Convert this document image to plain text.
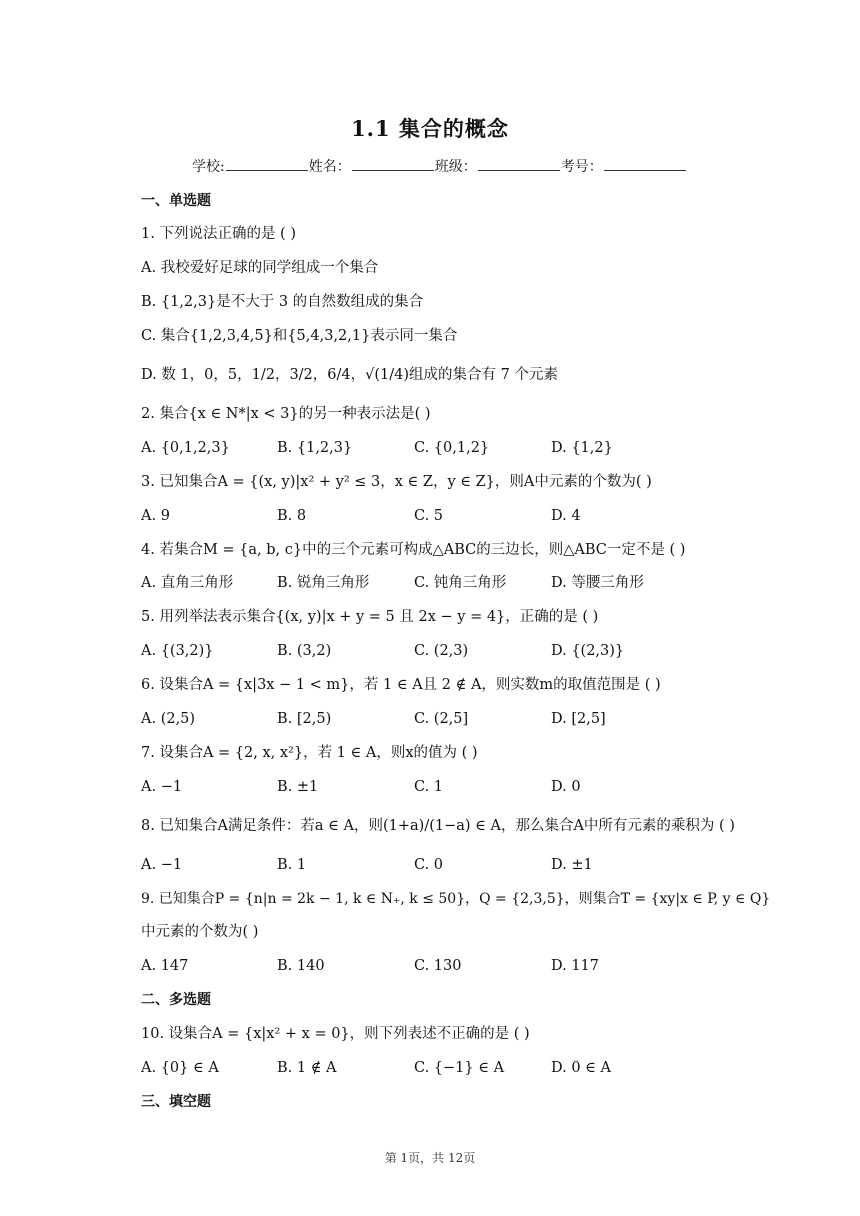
1.1 集合的概念
学校:	姓名：	班级：	考号：
一、单选题
1. 下列说法正确的是 ( )
A. 我校爱好足球的同学组成一个集合
B. {1,2,3}是不大于 3 的自然数组成的集合
C. 集合{1,2,3,4,5}和{5,4,3,2,1}表示同一集合
D. 数 1，0，5，1/2，3/2，6/4，√(1/4)组成的集合有 7 个元素
2. 集合{x ∈ N*|x < 3}的另一种表示法是( )
A. {0,1,2,3}	B. {1,2,3}	C. {0,1,2}	D. {1,2}
3. 已知集合A = {(x, y)|x² + y² ≤ 3，x ∈ Z，y ∈ Z}，则A中元素的个数为( )
A. 9	B. 8	C. 5	D. 4
4. 若集合M = {a, b, c}中的三个元素可构成△ABC的三边长，则△ABC一定不是 ( )
A. 直角三角形	B. 锐角三角形	C. 钝角三角形	D. 等腰三角形
5. 用列举法表示集合{(x, y)|x + y = 5 且 2x − y = 4}，正确的是 ( )
A. {(3,2)}	B. (3,2)	C. (2,3)	D. {(2,3)}
6. 设集合A = {x|3x − 1 < m}，若 1 ∈ A且 2 ∉ A，则实数m的取值范围是 ( )
A. (2,5)	B. [2,5)	C. (2,5]	D. [2,5]
7. 设集合A = {2, x, x²}，若 1 ∈ A，则x的值为 ( )
A. −1	B. ±1	C. 1	D. 0
8. 已知集合A满足条件：若a ∈ A，则(1+a)/(1−a) ∈ A，那么集合A中所有元素的乘积为 ( )
A. −1	B. 1	C. 0	D. ±1
9. 已知集合P = {n|n = 2k − 1, k ∈ N₊, k ≤ 50}，Q = {2,3,5}，则集合T = {xy|x ∈ P, y ∈ Q}
中元素的个数为( )
A. 147	B. 140	C. 130	D. 117
二、多选题
10. 设集合A = {x|x² + x = 0}，则下列表述不正确的是 ( )
A. {0} ∈ A	B. 1 ∉ A	C. {−1} ∈ A	D. 0 ∈ A
三、填空题
第 1页，共 12页
